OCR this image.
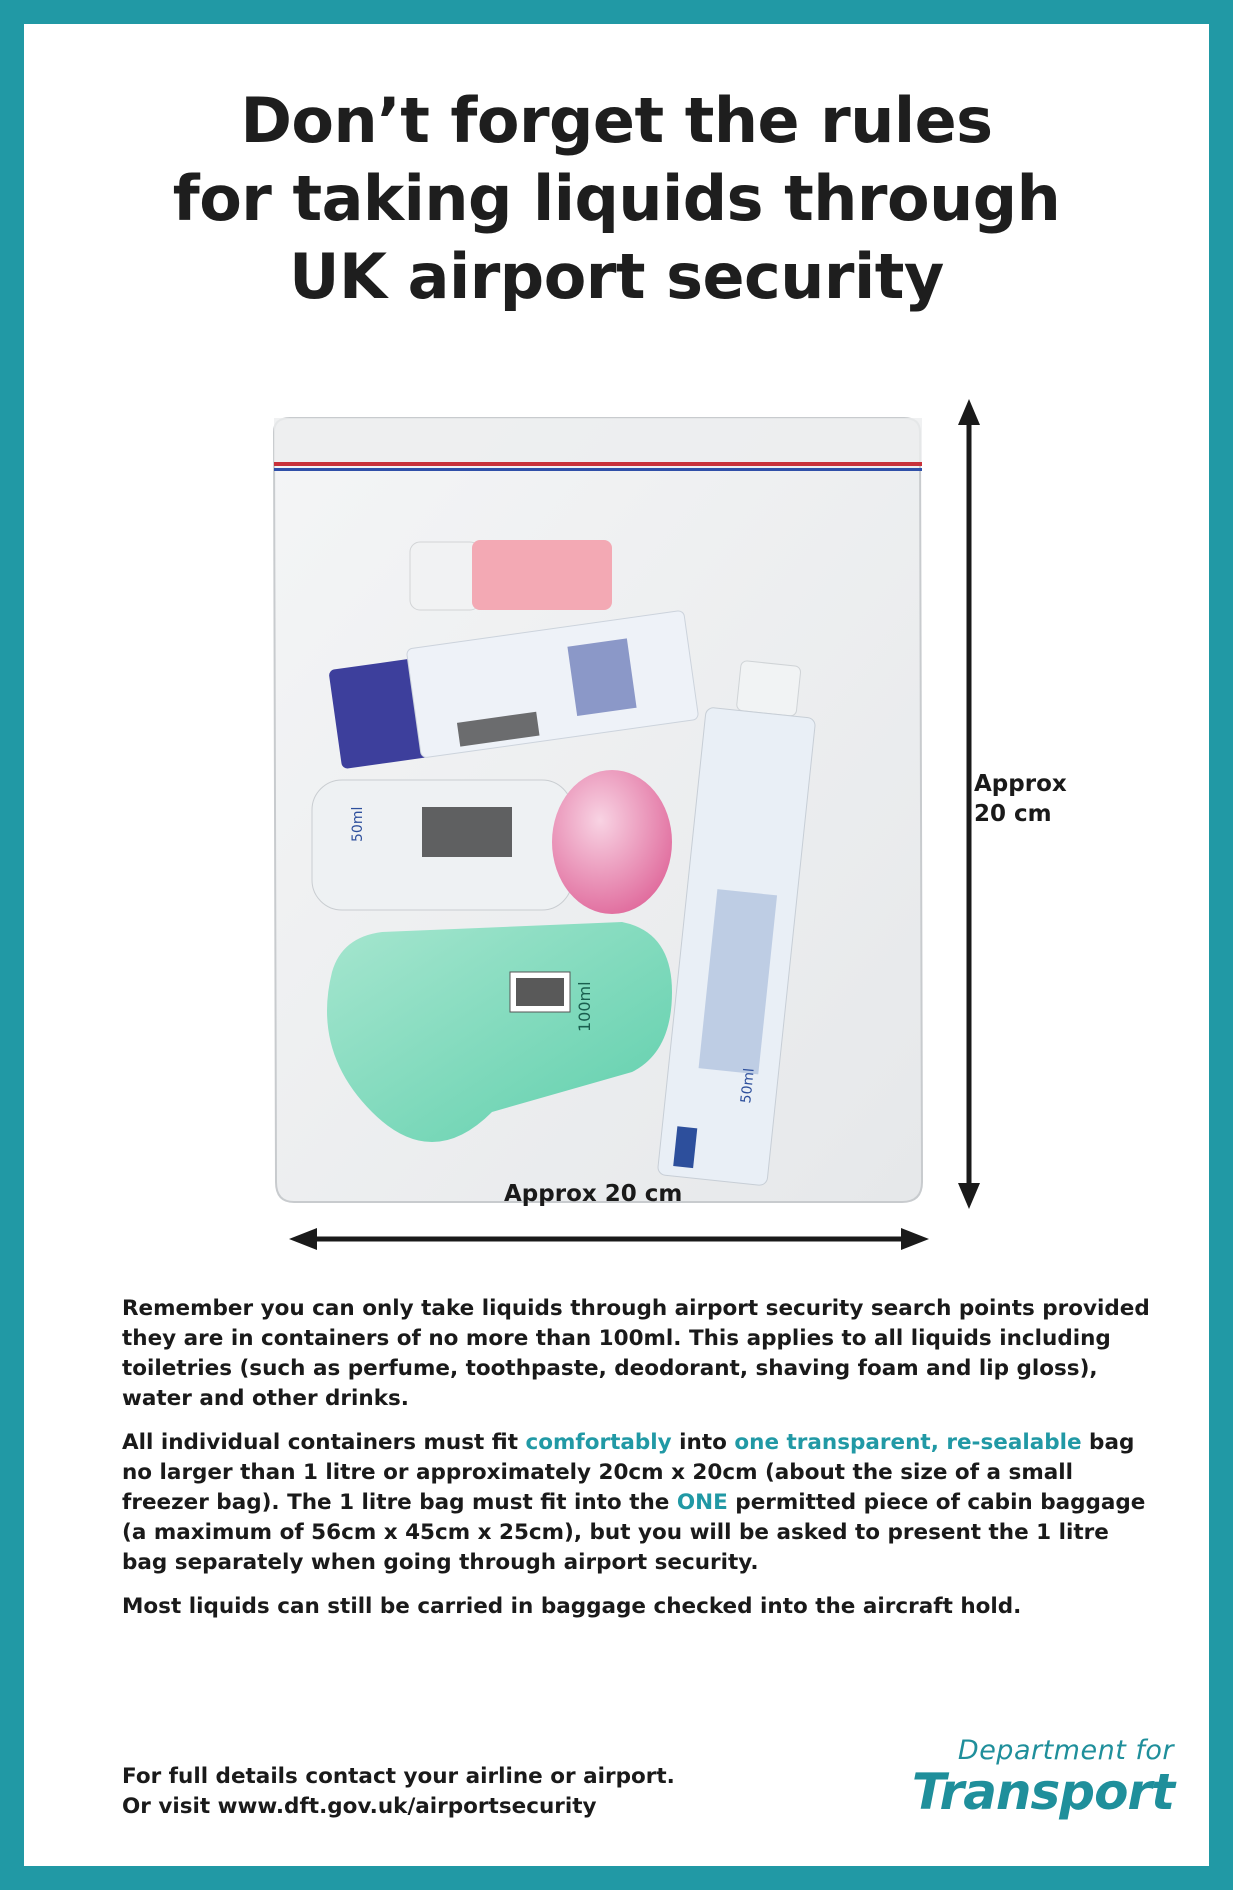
Don’t forget the rules
for taking liquids through
UK airport security
50ml
50ml
100ml
Approx
20 cm
Approx 20 cm

Remember you can only take liquids through airport security search points provided they are in containers of no more than 100ml. This applies to all liquids including toiletries (such as perfume, toothpaste, deodorant, shaving foam and lip gloss), water and other drinks.

All individual containers must fit comfortably into one transparent, re-sealable bag no larger than 1 litre or approximately 20cm x 20cm (about the size of a small freezer bag). The 1 litre bag must fit into the ONE permitted piece of cabin baggage (a maximum of 56cm x 45cm x 25cm), but you will be asked to present the 1 litre bag separately when going through airport security.

Most liquids can still be carried in baggage checked into the aircraft hold.

For full details contact your airline or airport.
Or visit www.dft.gov.uk/airportsecurity
Department for
Transport
